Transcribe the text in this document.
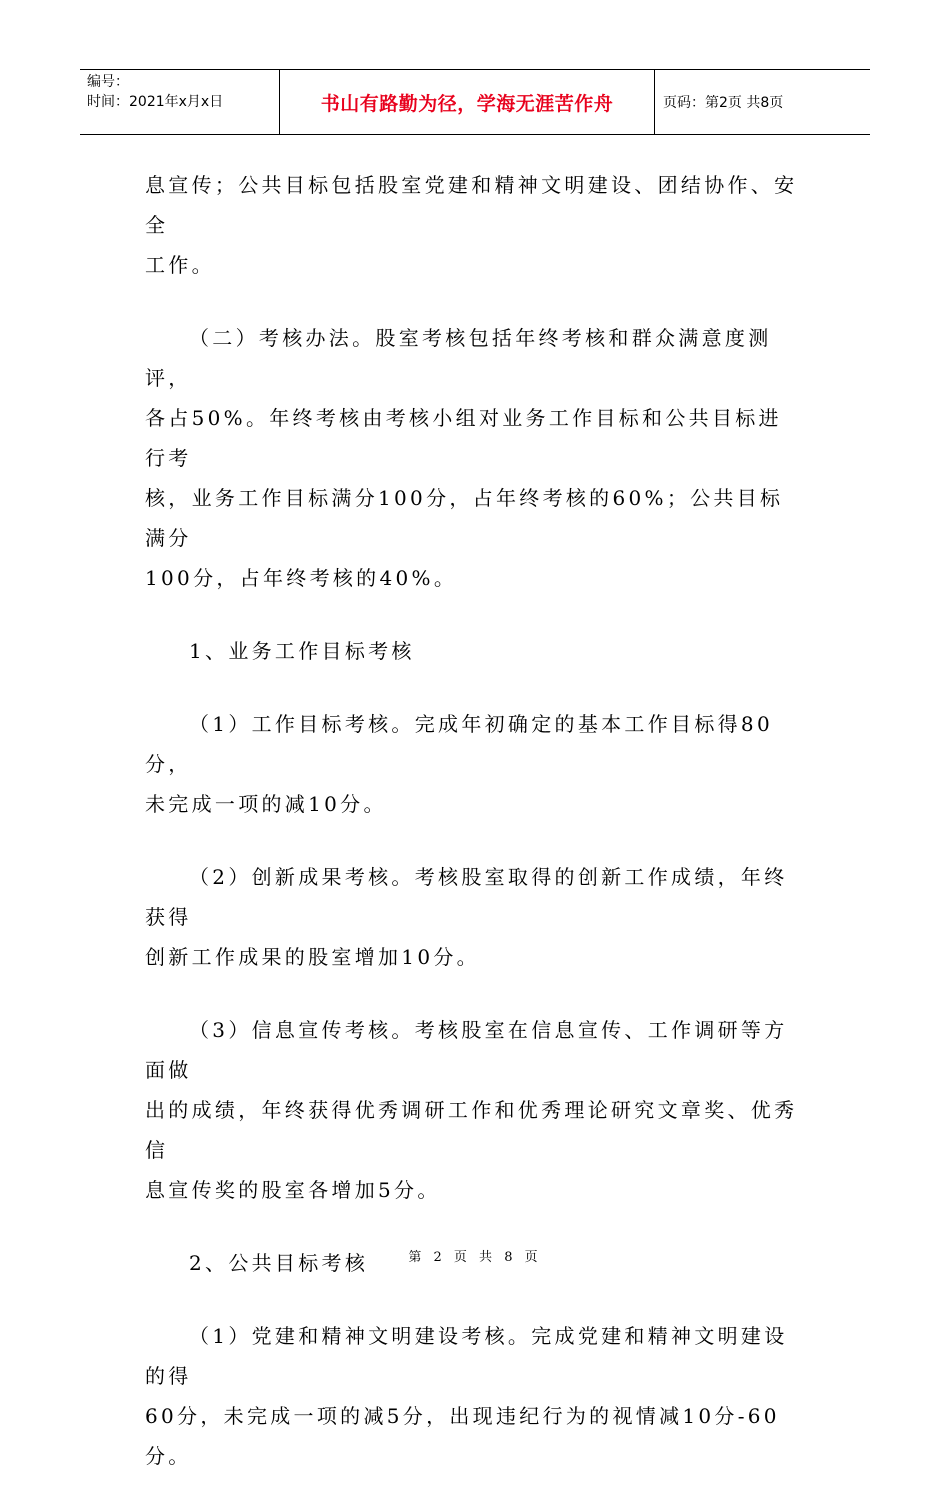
编号：
时间：2021年x月x日	书山有路勤为径，学海无涯苦作舟	页码：第2页 共8页

息宣传；公共目标包括股室党建和精神文明建设、团结协作、安全
工作。

（二）考核办法。股室考核包括年终考核和群众满意度测评，
各占50%。年终考核由考核小组对业务工作目标和公共目标进行考
核，业务工作目标满分100分，占年终考核的60%；公共目标满分
100分，占年终考核的40%。

1、业务工作目标考核

（1）工作目标考核。完成年初确定的基本工作目标得80分，
未完成一项的减10分。

（2）创新成果考核。考核股室取得的创新工作成绩，年终获得
创新工作成果的股室增加10分。

（3）信息宣传考核。考核股室在信息宣传、工作调研等方面做
出的成绩，年终获得优秀调研工作和优秀理论研究文章奖、优秀信
息宣传奖的股室各增加5分。

2、公共目标考核

（1）党建和精神文明建设考核。完成党建和精神文明建设的得
60分，未完成一项的减5分，出现违纪行为的视情减10分-60分。

第 2 页 共 8 页
